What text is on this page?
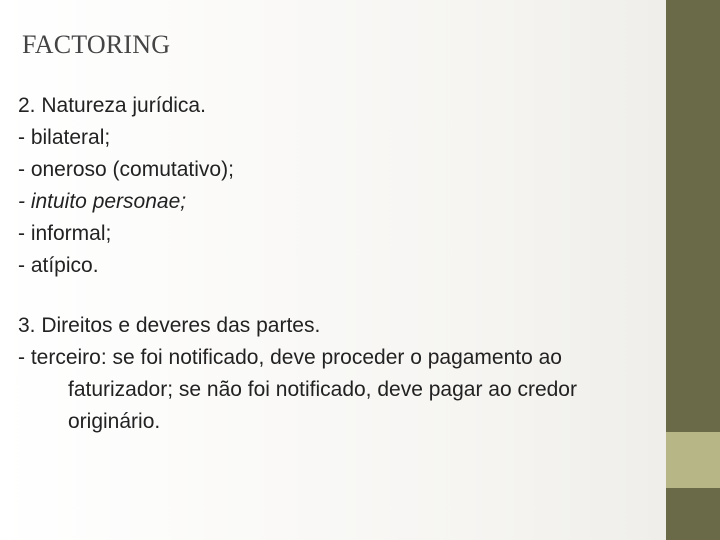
FACTORING
2. Natureza jurídica.
- bilateral;
- oneroso (comutativo);
- intuito personae;
- informal;
- atípico.
3. Direitos e deveres das partes.
- terceiro: se foi notificado, deve proceder o pagamento ao
faturizador; se não foi notificado, deve pagar ao credor
originário.
